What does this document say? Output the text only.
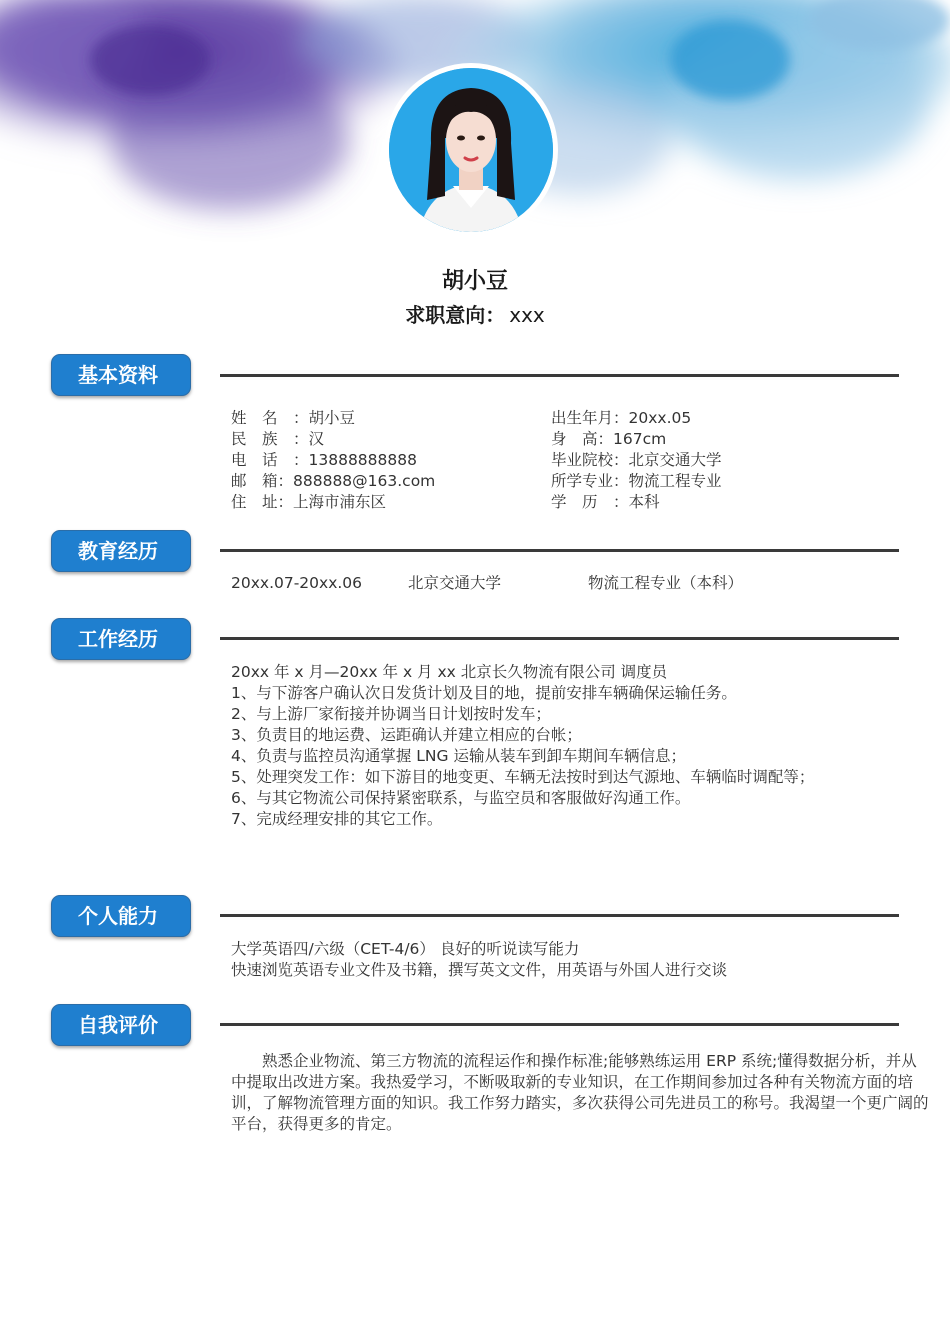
胡小豆
求职意向： xxx
基本资料
姓　名　：胡小豆
民　族　：汉
电　话　：13888888888
邮　箱：888888@163.com
住　址：上海市浦东区
出生年月：20xx.05
身　高：167cm
毕业院校：北京交通大学
所学专业：物流工程专业
学　历　：本科
教育经历
20xx.07-20xx.06	北京交通大学	物流工程专业（本科）
工作经历
20xx 年 x 月—20xx 年 x 月 xx 北京长久物流有限公司 调度员
1、与下游客户确认次日发货计划及目的地，提前安排车辆确保运输任务。
2、与上游厂家衔接并协调当日计划按时发车；
3、负责目的地运费、运距确认并建立相应的台帐；
4、负责与监控员沟通掌握 LNG 运输从装车到卸车期间车辆信息；
5、处理突发工作：如下游目的地变更、车辆无法按时到达气源地、车辆临时调配等；
6、与其它物流公司保持紧密联系，与监空员和客服做好沟通工作。
7、完成经理安排的其它工作。
个人能力
大学英语四/六级（CET-4/6） 良好的听说读写能力
快速浏览英语专业文件及书籍，撰写英文文件，用英语与外国人进行交谈
自我评价
熟悉企业物流、第三方物流的流程运作和操作标准;能够熟练运用 ERP 系统;懂得数据分析，并从中提取出改进方案。我热爱学习，不断吸取新的专业知识，在工作期间参加过各种有关物流方面的培训，了解物流管理方面的知识。我工作努力踏实，多次获得公司先进员工的称号。我渴望一个更广阔的平台，获得更多的肯定。
